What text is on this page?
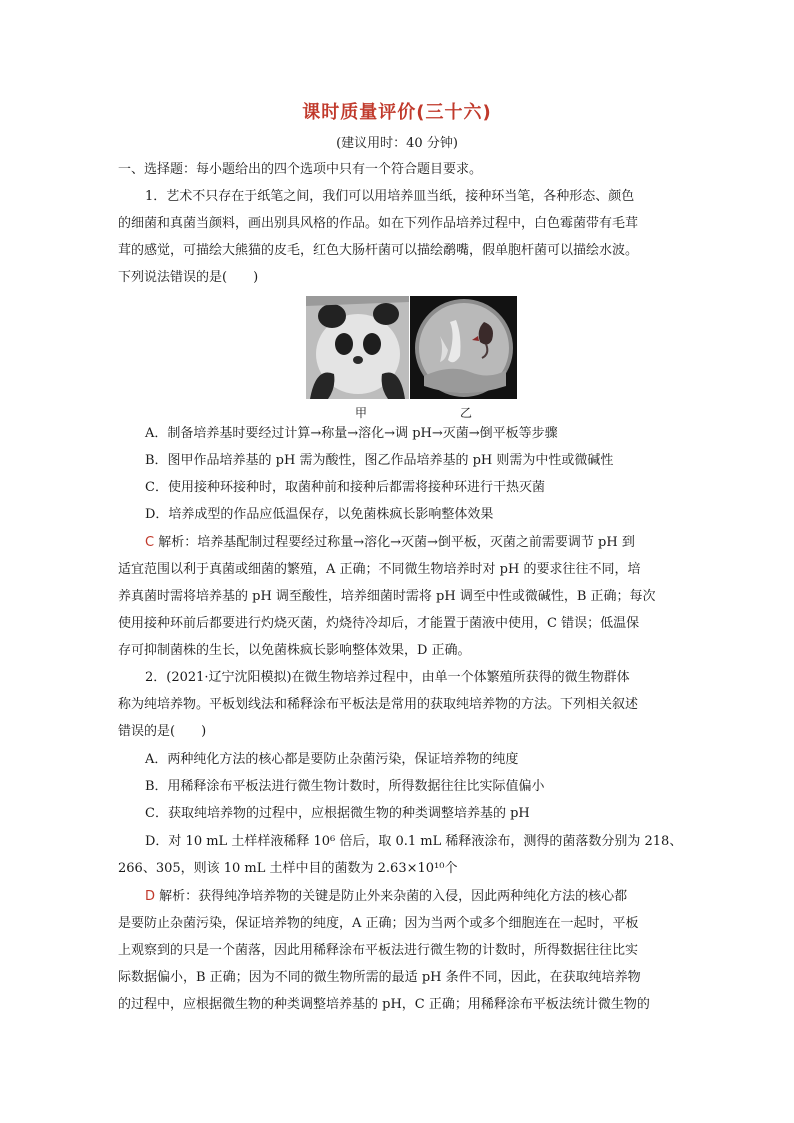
课时质量评价(三十六)
(建议用时：40 分钟)
一、选择题：每小题给出的四个选项中只有一个符合题目要求。
1．艺术不只存在于纸笔之间，我们可以用培养皿当纸，接种环当笔，各种形态、颜色
的细菌和真菌当颜料，画出别具风格的作品。如在下列作品培养过程中，白色霉菌带有毛茸
茸的感觉，可描绘大熊猫的皮毛，红色大肠杆菌可以描绘鹬嘴，假单胞杆菌可以描绘水波。
下列说法错误的是(　　)
甲	乙
A．制备培养基时要经过计算→称量→溶化→调 pH→灭菌→倒平板等步骤
B．图甲作品培养基的 pH 需为酸性，图乙作品培养基的 pH 则需为中性或微碱性
C．使用接种环接种时，取菌种前和接种后都需将接种环进行干热灭菌
D．培养成型的作品应低温保存，以免菌株疯长影响整体效果
C 解析：培养基配制过程要经过称量→溶化→灭菌→倒平板，灭菌之前需要调节 pH 到
适宜范围以利于真菌或细菌的繁殖，A 正确；不同微生物培养时对 pH 的要求往往不同，培
养真菌时需将培养基的 pH 调至酸性，培养细菌时需将 pH 调至中性或微碱性，B 正确；每次
使用接种环前后都要进行灼烧灭菌，灼烧待冷却后，才能置于菌液中使用，C 错误；低温保
存可抑制菌株的生长，以免菌株疯长影响整体效果，D 正确。
2．(2021·辽宁沈阳模拟)在微生物培养过程中，由单一个体繁殖所获得的微生物群体
称为纯培养物。平板划线法和稀释涂布平板法是常用的获取纯培养物的方法。下列相关叙述
错误的是(　　)
A．两种纯化方法的核心都是要防止杂菌污染，保证培养物的纯度
B．用稀释涂布平板法进行微生物计数时，所得数据往往比实际值偏小
C．获取纯培养物的过程中，应根据微生物的种类调整培养基的 pH
D．对 10 mL 土样样液稀释 10⁶ 倍后，取 0.1 mL 稀释液涂布，测得的菌落数分别为 218、
266、305，则该 10 mL 土样中目的菌数为 2.63×10¹⁰个
D 解析：获得纯净培养物的关键是防止外来杂菌的入侵，因此两种纯化方法的核心都
是要防止杂菌污染，保证培养物的纯度，A 正确；因为当两个或多个细胞连在一起时，平板
上观察到的只是一个菌落，因此用稀释涂布平板法进行微生物的计数时，所得数据往往比实
际数据偏小，B 正确；因为不同的微生物所需的最适 pH 条件不同，因此，在获取纯培养物
的过程中，应根据微生物的种类调整培养基的 pH，C 正确；用稀释涂布平板法统计微生物的
